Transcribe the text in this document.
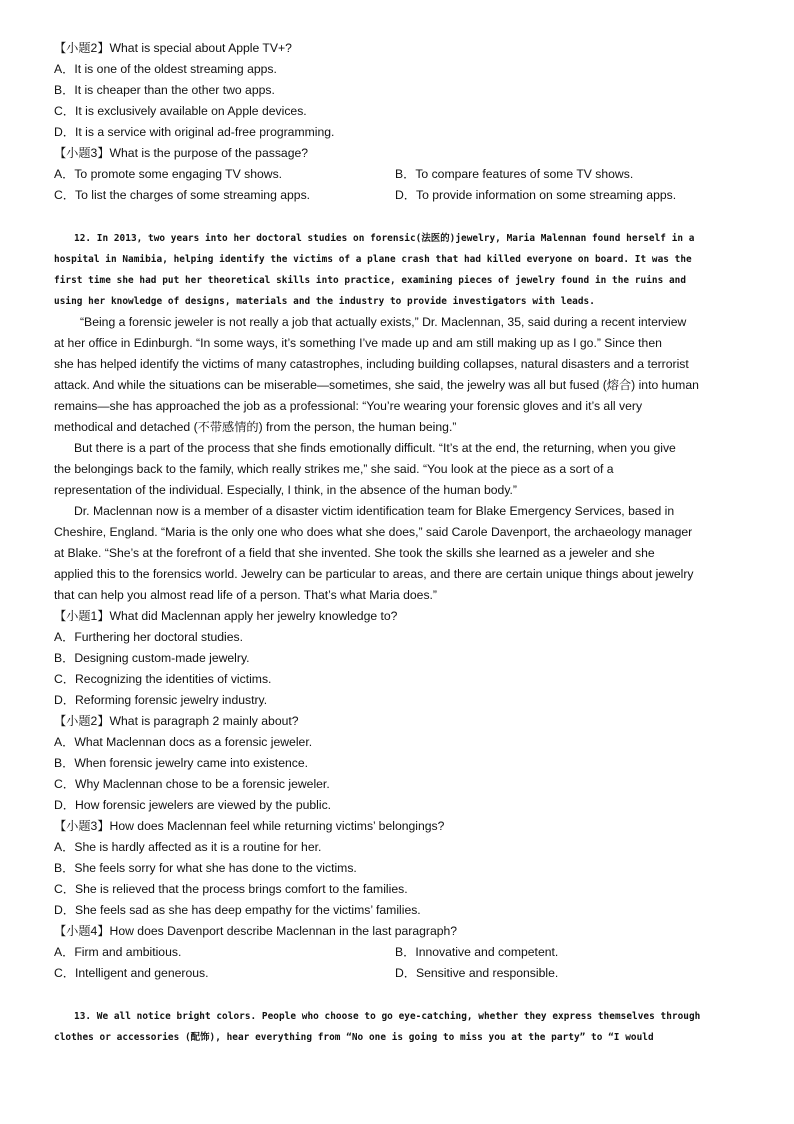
【小题2】What is special about Apple TV+?
A．It is one of the oldest streaming apps.
B．It is cheaper than the other two apps.
C．It is exclusively available on Apple devices.
D．It is a service with original ad-free programming.
【小题3】What is the purpose of the passage?
A．To promote some engaging TV shows.	B．To compare features of some TV shows.
C．To list the charges of some streaming apps.	D．To provide information on some streaming apps.
12. In 2013, two years into her doctoral studies on forensic(法医的)jewelry, Maria Malennan found herself in a
hospital in Namibia, helping identify the victims of a plane crash that had killed everyone on board. It was the
first time she had put her theoretical skills into practice, examining pieces of jewelry found in the ruins and
using her knowledge of designs, materials and the industry to provide investigators with leads.
“Being a forensic jeweler is not really a job that actually exists,” Dr. Maclennan, 35, said during a recent interview
at her office in Edinburgh. “In some ways, it’s something I’ve made up and am still making up as I go.” Since then
she has helped identify the victims of many catastrophes, including building collapses, natural disasters and a terrorist
attack. And while the situations can be miserable—sometimes, she said, the jewelry was all but fused (熔合) into human
remains—she has approached the job as a professional: “You’re wearing your forensic gloves and it’s all very
methodical and detached (不带感情的) from the person, the human being.”
But there is a part of the process that she finds emotionally difficult. “It’s at the end, the returning, when you give
the belongings back to the family, which really strikes me,” she said. “You look at the piece as a sort of a
representation of the individual. Especially, I think, in the absence of the human body.”
Dr. Maclennan now is a member of a disaster victim identification team for Blake Emergency Services, based in
Cheshire, England. “Maria is the only one who does what she does,” said Carole Davenport, the archaeology manager
at Blake. “She’s at the forefront of a field that she invented. She took the skills she learned as a jeweler and she
applied this to the forensics world. Jewelry can be particular to areas, and there are certain unique things about jewelry
that can help you almost read life of a person. That’s what Maria does.”
【小题1】What did Maclennan apply her jewelry knowledge to?
A．Furthering her doctoral studies.
B．Designing custom-made jewelry.
C．Recognizing the identities of victims.
D．Reforming forensic jewelry industry.
【小题2】What is paragraph 2 mainly about?
A．What Maclennan docs as a forensic jeweler.
B．When forensic jewelry came into existence.
C．Why Maclennan chose to be a forensic jeweler.
D．How forensic jewelers are viewed by the public.
【小题3】How does Maclennan feel while returning victims’ belongings?
A．She is hardly affected as it is a routine for her.
B．She feels sorry for what she has done to the victims.
C．She is relieved that the process brings comfort to the families.
D．She feels sad as she has deep empathy for the victims’ families.
【小题4】How does Davenport describe Maclennan in the last paragraph?
A．Firm and ambitious.	B．Innovative and competent.
C．Intelligent and generous.	D．Sensitive and responsible.
13. We all notice bright colors. People who choose to go eye-catching, whether they express themselves through
clothes or accessories (配饰), hear everything from “No one is going to miss you at the party” to “I would
